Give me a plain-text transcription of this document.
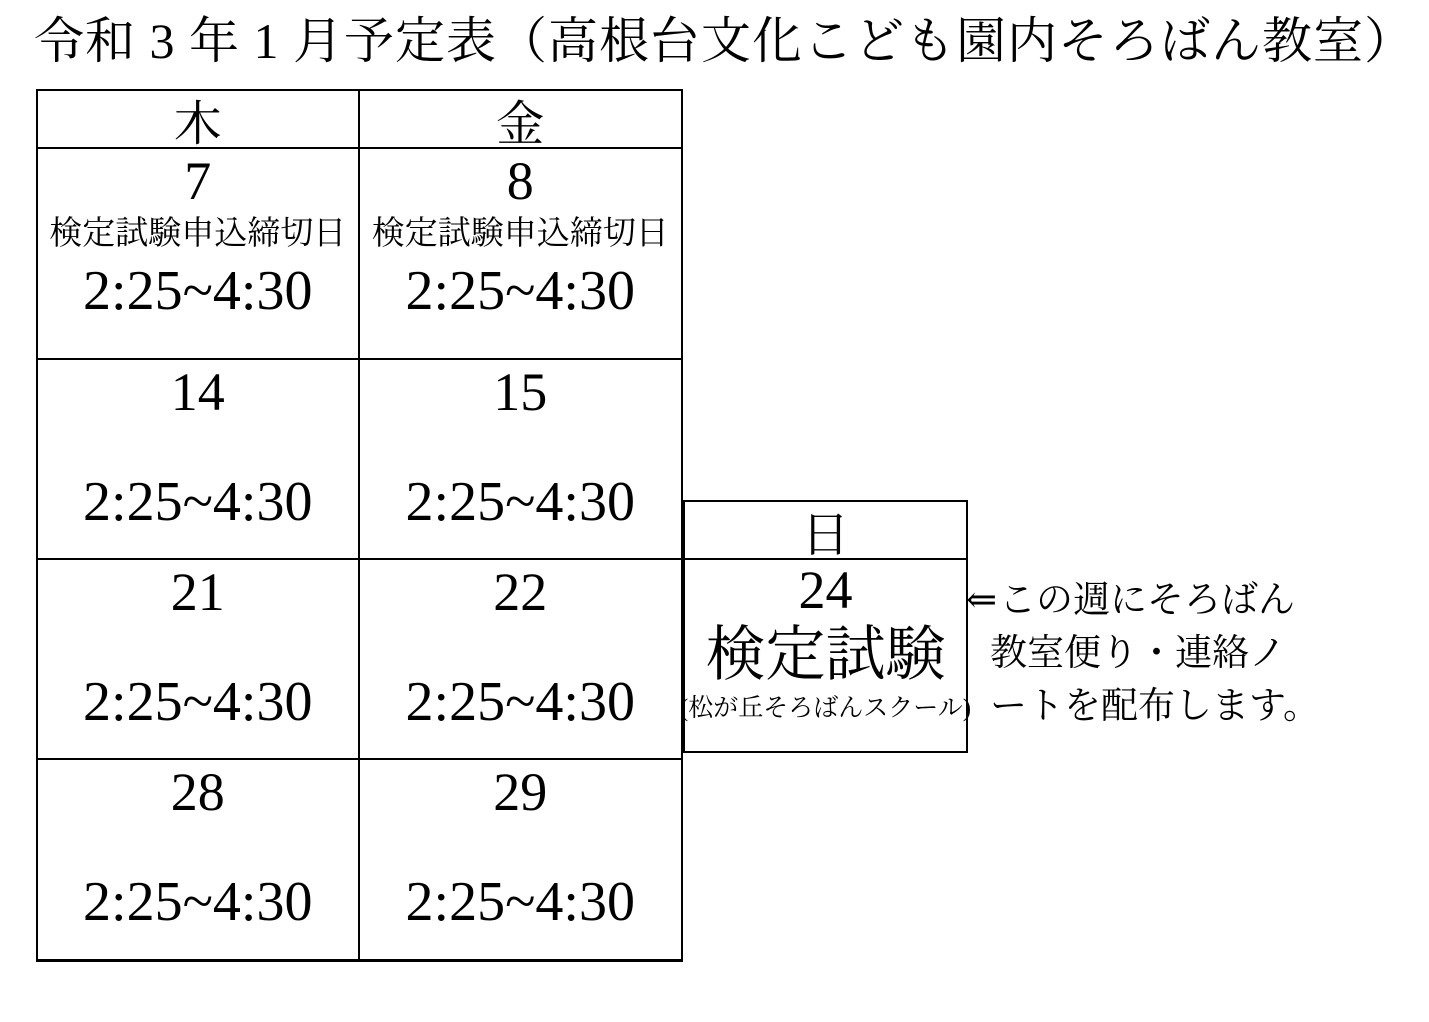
令和 3 年 1 月予定表（高根台文化こども園内そろばん教室）
木	金
7
検定試験申込締切日
2:25~4:30
8
検定試験申込締切日
2:25~4:30
14
2:25~4:30
15
2:25~4:30
21
2:25~4:30
22
2:25~4:30
28
2:25~4:30
29
2:25~4:30
日
24
検定試験
(松が丘そろばんスクール)
⇐この週にそろばん
教室便り・連絡ノ
ートを配布します。
